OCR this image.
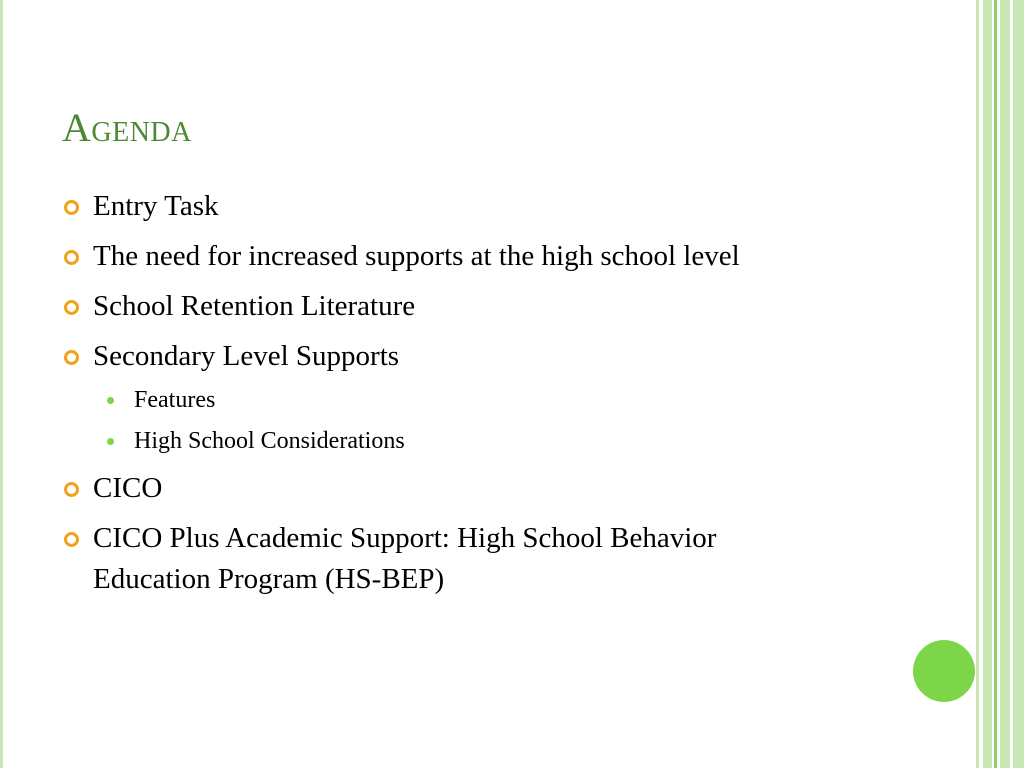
Agenda
Entry Task
The need for increased supports at the high school level
School Retention Literature
Secondary Level Supports
Features
High School Considerations
CICO
CICO Plus Academic Support: High School Behavior Education Program (HS-BEP)
